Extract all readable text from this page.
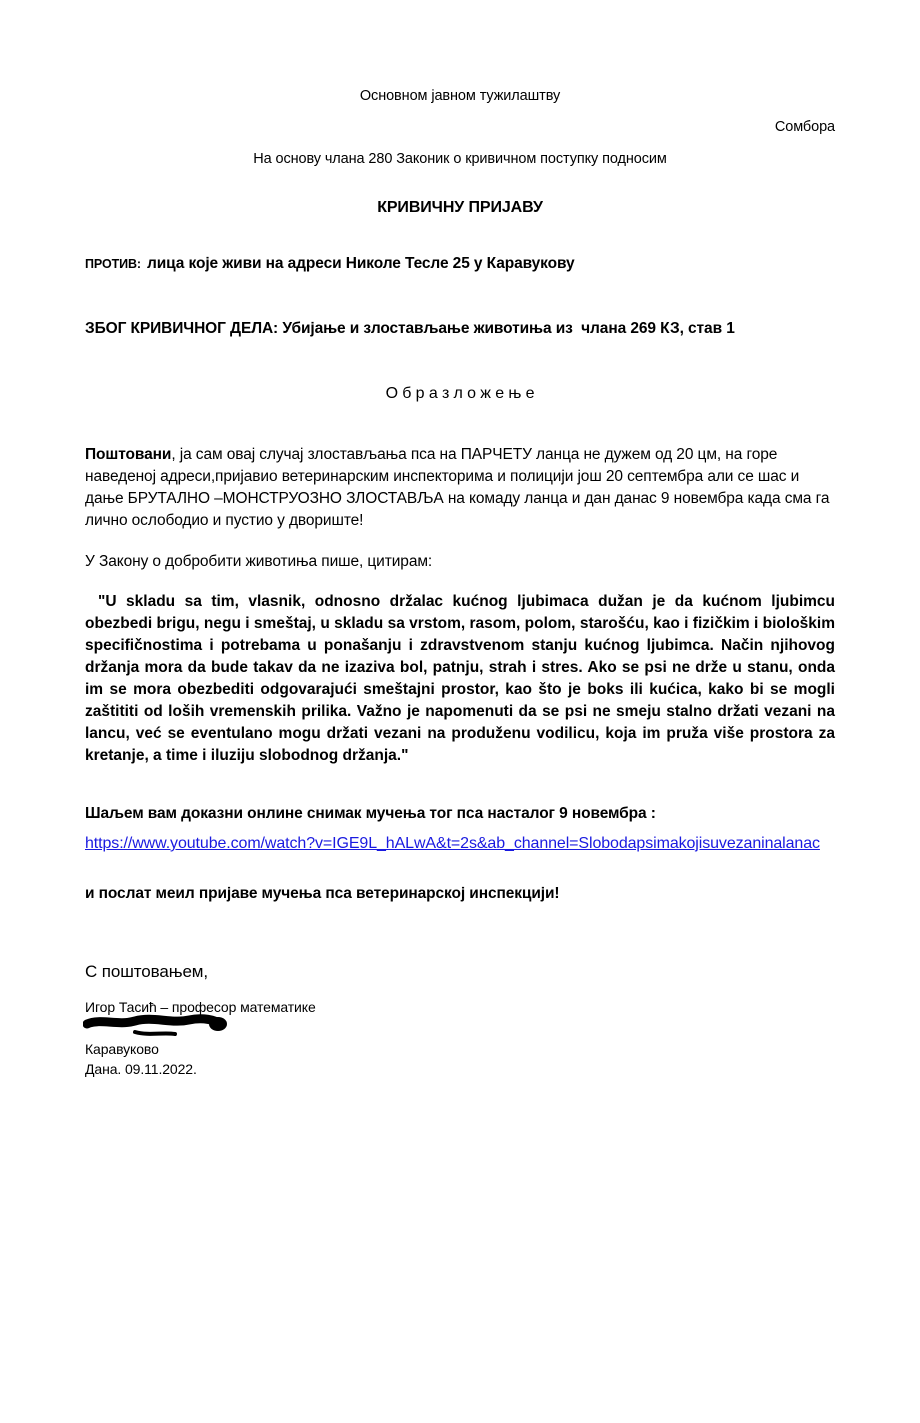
Основном јавном тужилаштву
Сомбора
На основу члана 280 Законик о кривичном поступку подносим
КРИВИЧНУ ПРИЈАВУ

ПРОТИВ: лица које живи на адреси Николе Тесле 25 у Каравукову

ЗБОГ КРИВИЧНОГ ДЕЛА: Убијање и злостављање животиња из  члана 269 КЗ, став 1

О б р а з л о ж е њ е

Поштовани, ја сам овај случај злостављања пса на ПАРЧЕТУ ланца не дужем од 20 цм, на горе наведеној адреси,пријавио ветеринарским инспекторима и полицији још 20 септембра али се шас и дање БРУТАЛНО –МОНСТРУОЗНО ЗЛОСТАВЉА на комаду ланца и дан данас 9 новембра када сма га лично ослободио и пустио у двориште!

У Закону о добробити животиња пише, цитирам:

"U skladu sa tim, vlasnik, odnosno držalac kućnog ljubimaca dužan je da kućnom ljubimcu obezbedi brigu, negu i smeštaj, u skladu sa vrstom, rasom, polom, starošću, kao i fizičkim i biološkim specifičnostima i potrebama u ponašanju i zdravstvenom stanju kućnog ljubimca. Način njihovog držanja mora da bude takav da ne izaziva bol, patnju, strah i stres. Ako se psi ne drže u stanu, onda im se mora obezbediti odgovarajući smeštajni prostor, kao što je boks ili kućica, kako bi se mogli zaštititi od loših vremenskih prilika. Važno je napomenuti da se psi ne smeju stalno držati vezani na lancu, već se eventulano mogu držati vezani na produženu vodilicu, koja im pruža više prostora za kretanje, a time i iluziju slobodnog držanja."

Шаљем вам доказни онлине снимак мучења тог пса насталог 9 новембра :

https://www.youtube.com/watch?v=IGE9L_hALwA&t=2s&ab_channel=Slobodapsimakojisuvezaninalanac

и послат меил пријаве мучења пса ветеринарској инспекцији!

С поштовањем,

Игор Тасић – професор математике

Каравуково

Дана. 09.11.2022.
